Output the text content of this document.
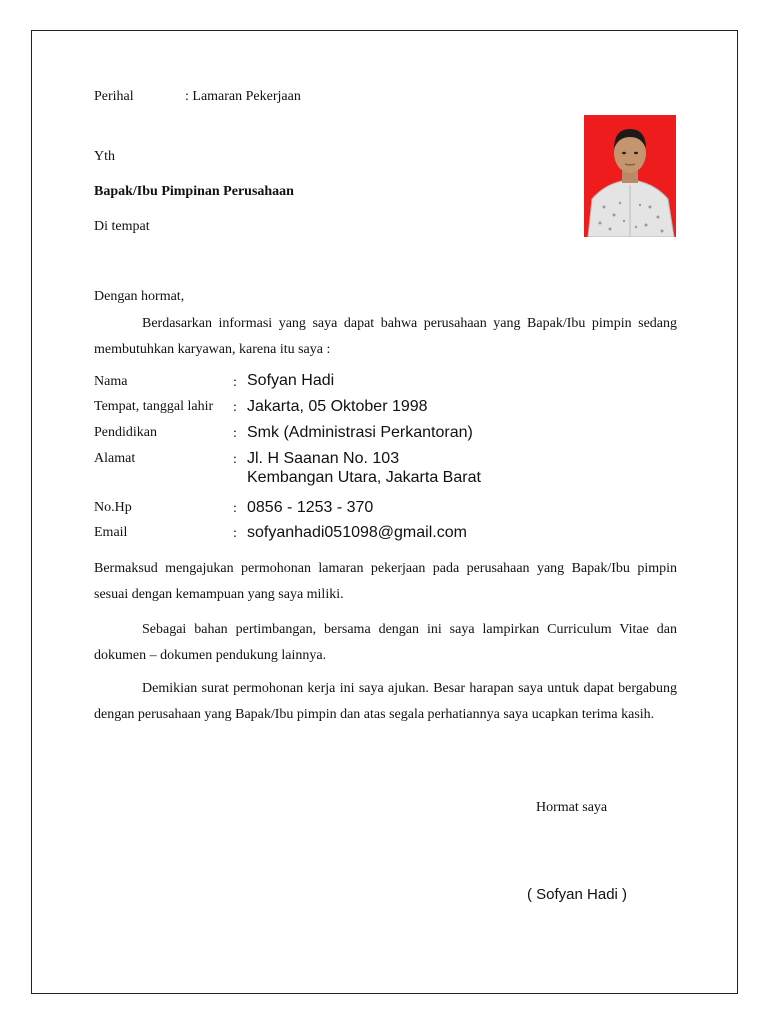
Perihal	: Lamaran Pekerjaan
Yth
Bapak/Ibu Pimpinan Perusahaan
Di tempat
Dengan hormat,
Berdasarkan informasi yang saya dapat bahwa perusahaan yang Bapak/Ibu pimpin sedang membutuhkan karyawan, karena itu saya :
Nama	: Sofyan Hadi
Tempat, tanggal lahir : Jakarta, 05 Oktober 1998
Pendidikan	: Smk (Administrasi Perkantoran)
Alamat	: Jl. H Saanan No. 103
Kembangan Utara, Jakarta Barat
No.Hp	: 0856 - 1253 - 370
Email	: sofyanhadi051098@gmail.com
Bermaksud mengajukan permohonan lamaran pekerjaan pada perusahaan yang Bapak/Ibu pimpin sesuai dengan kemampuan yang saya miliki.
Sebagai bahan pertimbangan, bersama dengan ini saya lampirkan Curriculum Vitae dan dokumen – dokumen pendukung lainnya.
Demikian surat permohonan kerja ini saya ajukan. Besar harapan saya untuk dapat bergabung dengan perusahaan yang Bapak/Ibu pimpin dan atas segala perhatiannya saya ucapkan terima kasih.
Hormat saya
( Sofyan Hadi )
